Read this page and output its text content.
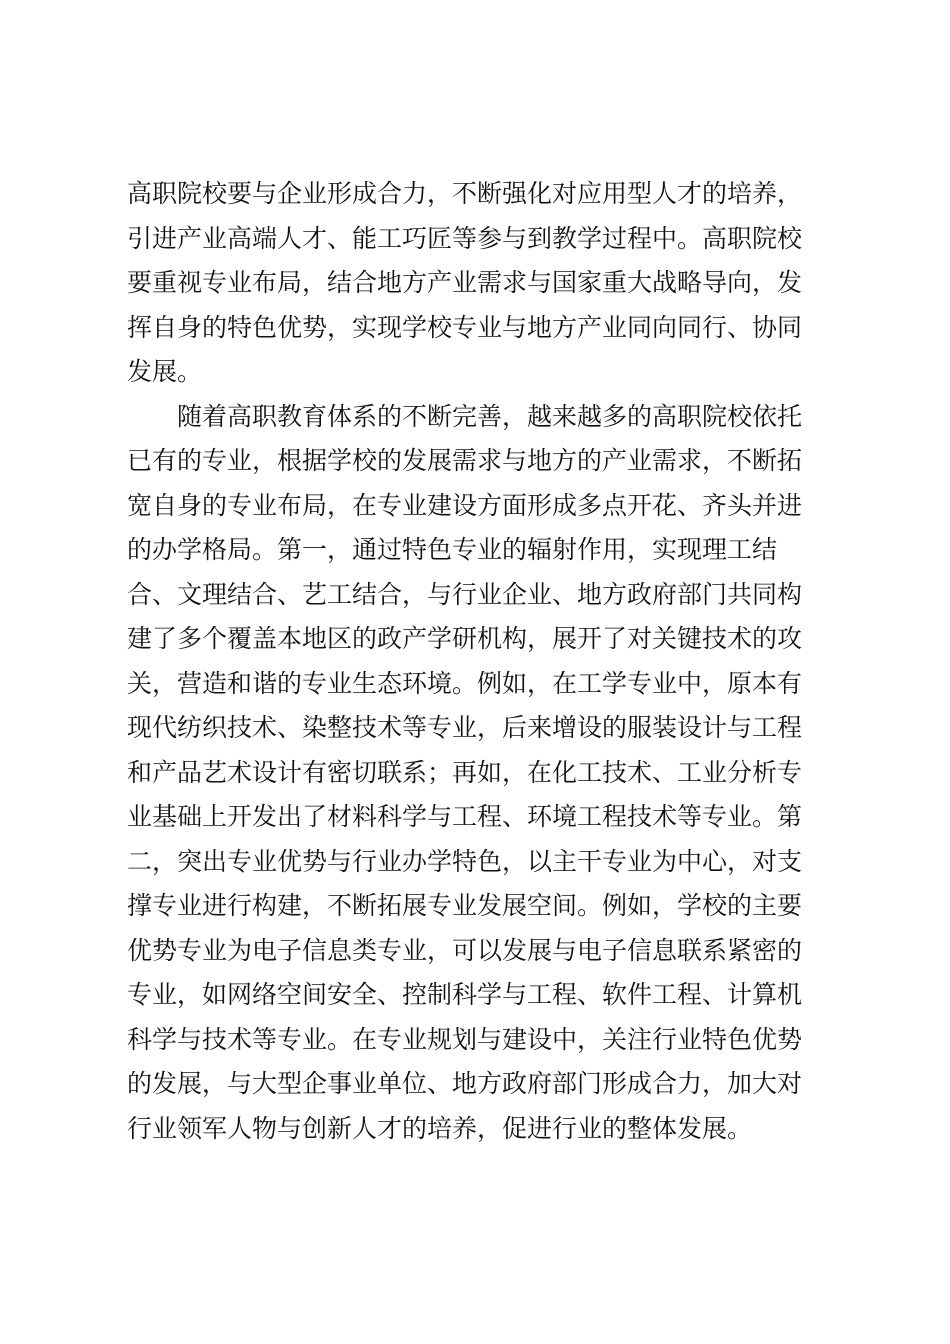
高职院校要与企业形成合力，不断强化对应用型人才的培养，
引进产业高端人才、能工巧匠等参与到教学过程中。高职院校
要重视专业布局，结合地方产业需求与国家重大战略导向，发
挥自身的特色优势，实现学校专业与地方产业同向同行、协同
发展。
　　随着高职教育体系的不断完善，越来越多的高职院校依托
已有的专业，根据学校的发展需求与地方的产业需求，不断拓
宽自身的专业布局，在专业建设方面形成多点开花、齐头并进
的办学格局。第一，通过特色专业的辐射作用，实现理工结
合、文理结合、艺工结合，与行业企业、地方政府部门共同构
建了多个覆盖本地区的政产学研机构，展开了对关键技术的攻
关，营造和谐的专业生态环境。例如，在工学专业中，原本有
现代纺织技术、染整技术等专业，后来增设的服装设计与工程
和产品艺术设计有密切联系；再如，在化工技术、工业分析专
业基础上开发出了材料科学与工程、环境工程技术等专业。第
二，突出专业优势与行业办学特色，以主干专业为中心，对支
撑专业进行构建，不断拓展专业发展空间。例如，学校的主要
优势专业为电子信息类专业，可以发展与电子信息联系紧密的
专业，如网络空间安全、控制科学与工程、软件工程、计算机
科学与技术等专业。在专业规划与建设中，关注行业特色优势
的发展，与大型企事业单位、地方政府部门形成合力，加大对
行业领军人物与创新人才的培养，促进行业的整体发展。
